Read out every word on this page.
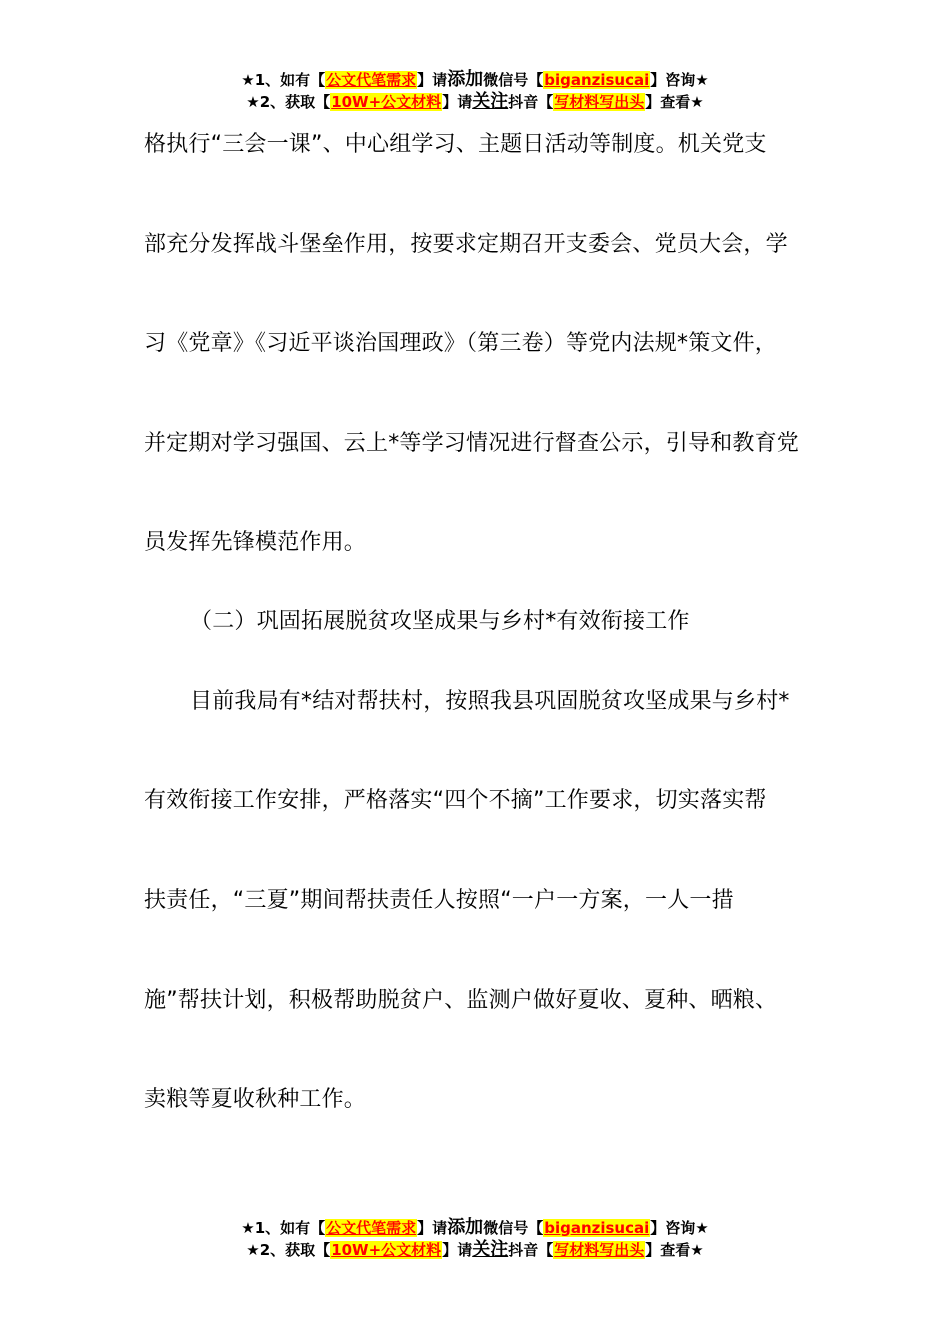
★1、如有【公文代笔需求】请添加微信号【biganzisucai】咨询★
★2、获取【10W+公文材料】请关注抖音【写材料写出头】查看★
格执行“三会一课”、中心组学习、主题日活动等制度。机关党支
部充分发挥战斗堡垒作用，按要求定期召开支委会、党员大会，学
习《党章》《习近平谈治国理政》（第三卷）等党内法规*策文件，
并定期对学习强国、云上*等学习情况进行督查公示，引导和教育党
员发挥先锋模范作用。
（二）巩固拓展脱贫攻坚成果与乡村*有效衔接工作
目前我局有*结对帮扶村，按照我县巩固脱贫攻坚成果与乡村*
有效衔接工作安排，严格落实“四个不摘”工作要求，切实落实帮
扶责任，“三夏”期间帮扶责任人按照“一户一方案，一人一措
施”帮扶计划，积极帮助脱贫户、监测户做好夏收、夏种、晒粮、
卖粮等夏收秋种工作。
★1、如有【公文代笔需求】请添加微信号【biganzisucai】咨询★
★2、获取【10W+公文材料】请关注抖音【写材料写出头】查看★
